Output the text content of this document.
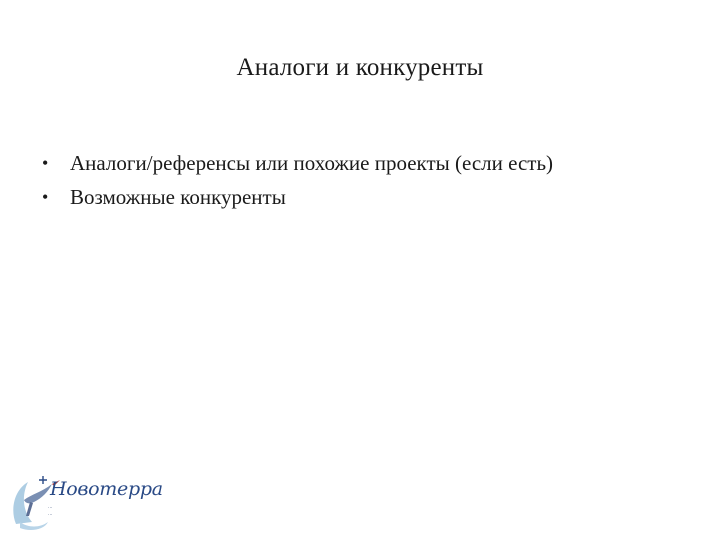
Аналоги и конкуренты
• Аналоги/референсы или похожие проекты (если есть)
• Возможные конкуренты
Новотерра
...
...
